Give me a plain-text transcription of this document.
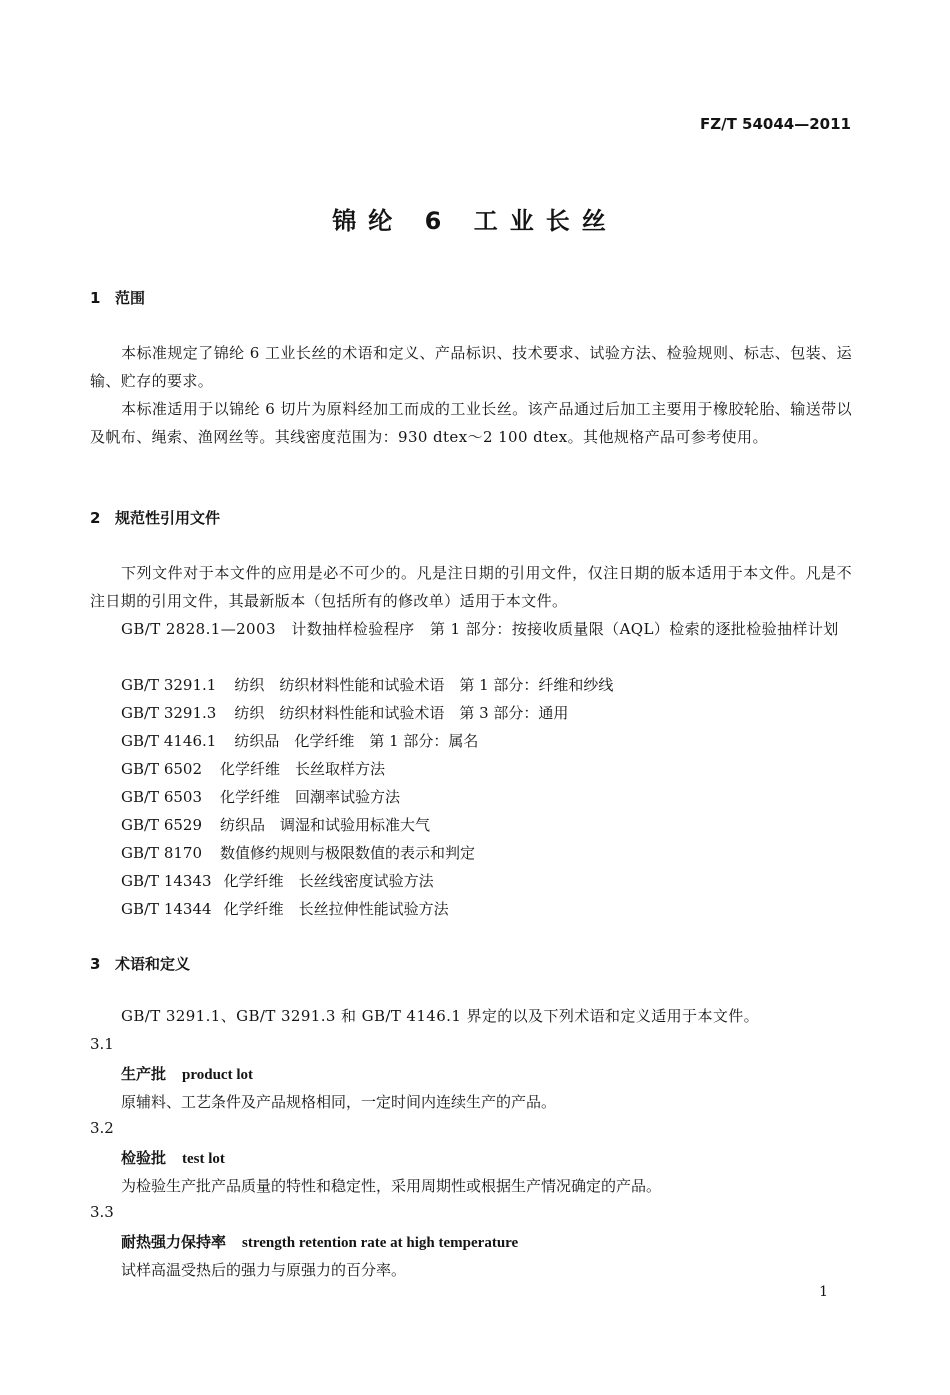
FZ/T 54044—2011
锦纶 6 工业长丝
1 范围
本标准规定了锦纶 6 工业长丝的术语和定义、产品标识、技术要求、试验方法、检验规则、标志、包装、运输、贮存的要求。
本标准适用于以锦纶 6 切片为原料经加工而成的工业长丝。该产品通过后加工主要用于橡胶轮胎、输送带以及帆布、绳索、渔网丝等。其线密度范围为：930 dtex～2 100 dtex。其他规格产品可参考使用。
2 规范性引用文件
下列文件对于本文件的应用是必不可少的。凡是注日期的引用文件，仅注日期的版本适用于本文件。凡是不注日期的引用文件，其最新版本（包括所有的修改单）适用于本文件。
GB/T 2828.1—2003　计数抽样检验程序　第 1 部分：按接收质量限（AQL）检索的逐批检验抽样计划
GB/T 3291.1 纺织　纺织材料性能和试验术语　第 1 部分：纤维和纱线
GB/T 3291.3 纺织　纺织材料性能和试验术语　第 3 部分：通用
GB/T 4146.1 纺织品　化学纤维　第 1 部分：属名
GB/T 6502 化学纤维　长丝取样方法
GB/T 6503 化学纤维　回潮率试验方法
GB/T 6529 纺织品　调湿和试验用标准大气
GB/T 8170 数值修约规则与极限数值的表示和判定
GB/T 14343 化学纤维　长丝线密度试验方法
GB/T 14344 化学纤维　长丝拉伸性能试验方法
3 术语和定义
GB/T 3291.1、GB/T 3291.3 和 GB/T 4146.1 界定的以及下列术语和定义适用于本文件。
3.1
生产批 product lot
原辅料、工艺条件及产品规格相同，一定时间内连续生产的产品。
3.2
检验批 test lot
为检验生产批产品质量的特性和稳定性，采用周期性或根据生产情况确定的产品。
3.3
耐热强力保持率 strength retention rate at high temperature
试样高温受热后的强力与原强力的百分率。
1
